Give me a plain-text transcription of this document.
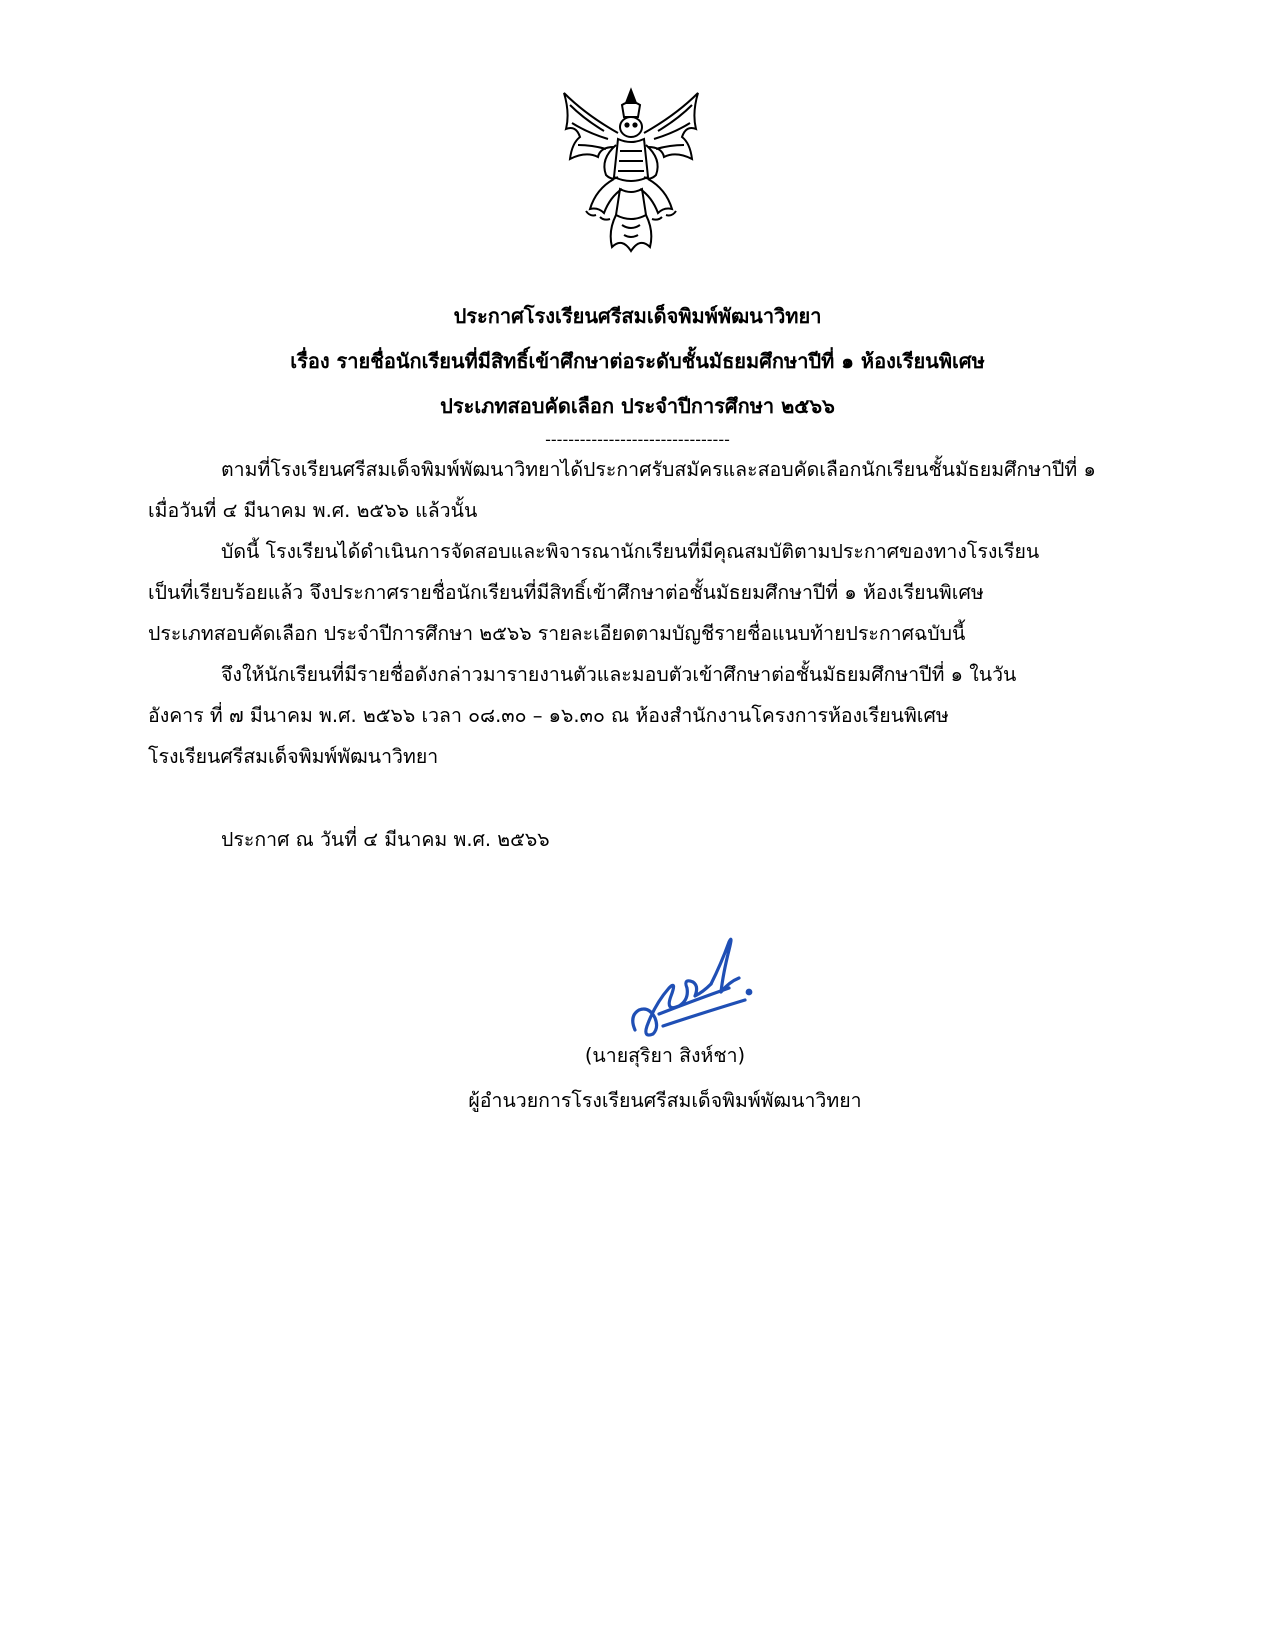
ประกาศโรงเรียนศรีสมเด็จพิมพ์พัฒนาวิทยา
เรื่อง รายชื่อนักเรียนที่มีสิทธิ์เข้าศึกษาต่อระดับชั้นมัธยมศึกษาปีที่ ๑ ห้องเรียนพิเศษ
ประเภทสอบคัดเลือก ประจำปีการศึกษา ๒๕๖๖
--------------------------------
ตามที่โรงเรียนศรีสมเด็จพิมพ์พัฒนาวิทยาได้ประกาศรับสมัครและสอบคัดเลือกนักเรียนชั้นมัธยมศึกษาปีที่ ๑
เมื่อวันที่ ๔ มีนาคม พ.ศ. ๒๕๖๖ แล้วนั้น
บัดนี้ โรงเรียนได้ดำเนินการจัดสอบและพิจารณานักเรียนที่มีคุณสมบัติตามประกาศของทางโรงเรียน
เป็นที่เรียบร้อยแล้ว จึงประกาศรายชื่อนักเรียนที่มีสิทธิ์เข้าศึกษาต่อชั้นมัธยมศึกษาปีที่ ๑ ห้องเรียนพิเศษ
ประเภทสอบคัดเลือก ประจำปีการศึกษา ๒๕๖๖ รายละเอียดตามบัญชีรายชื่อแนบท้ายประกาศฉบับนี้
จึงให้นักเรียนที่มีรายชื่อดังกล่าวมารายงานตัวและมอบตัวเข้าศึกษาต่อชั้นมัธยมศึกษาปีที่ ๑ ในวัน
อังคาร ที่ ๗ มีนาคม พ.ศ. ๒๕๖๖ เวลา ๐๘.๓๐ – ๑๖.๓๐ ณ ห้องสำนักงานโครงการห้องเรียนพิเศษ
โรงเรียนศรีสมเด็จพิมพ์พัฒนาวิทยา
ประกาศ ณ วันที่ ๔ มีนาคม พ.ศ. ๒๕๖๖
(นายสุริยา สิงห์ชา)
ผู้อำนวยการโรงเรียนศรีสมเด็จพิมพ์พัฒนาวิทยา
